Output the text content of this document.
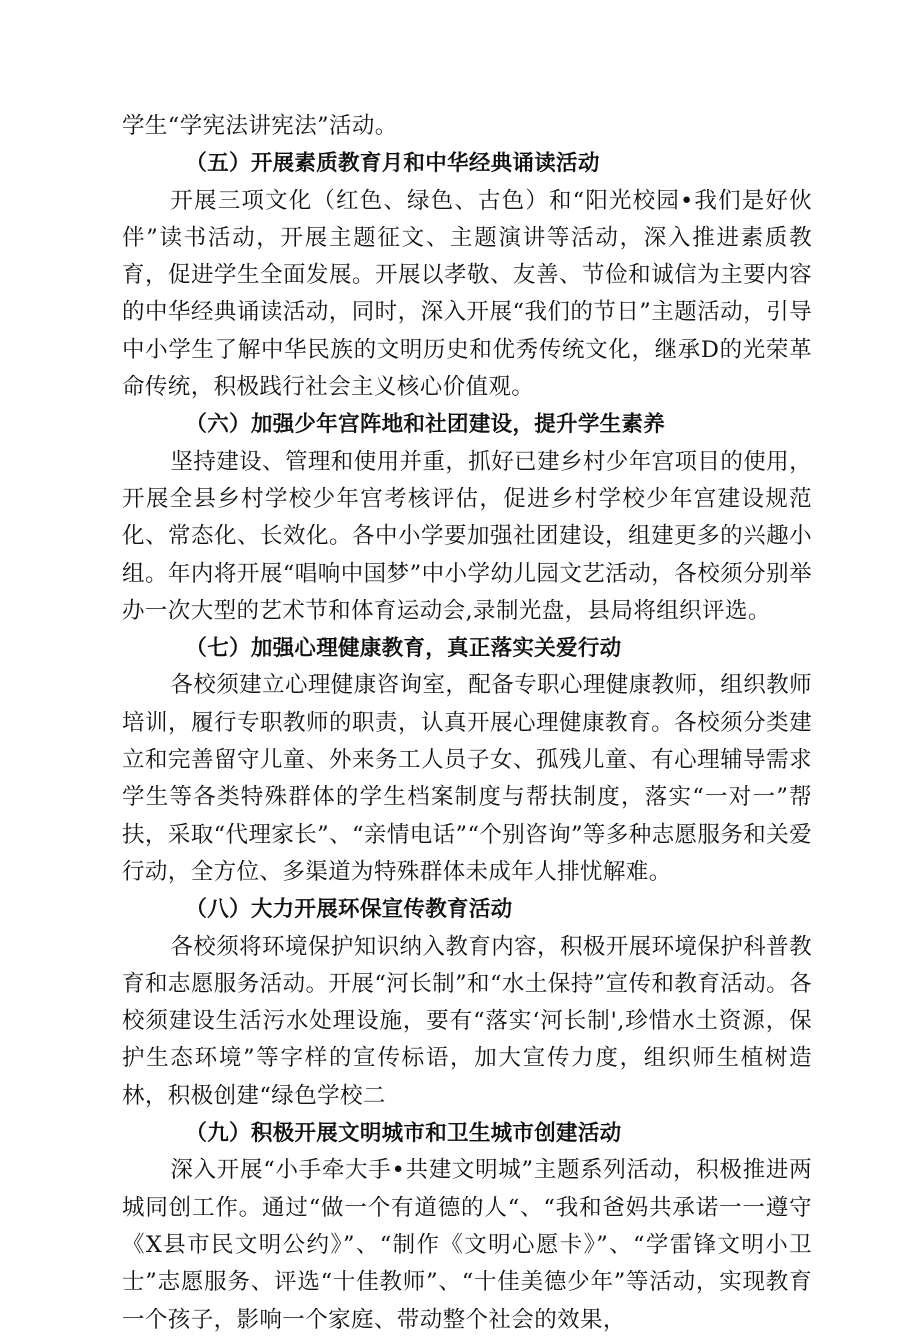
学生“学宪法讲宪法”活动。

（五）开展素质教育月和中华经典诵读活动

开展三项文化（红色、绿色、古色）和“阳光校园•我们是好伙伴”读书活动，开展主题征文、主题演讲等活动，深入推进素质教育，促进学生全面发展。开展以孝敬、友善、节俭和诚信为主要内容的中华经典诵读活动，同时，深入开展“我们的节日”主题活动，引导中小学生了解中华民族的文明历史和优秀传统文化，继承D的光荣革命传统，积极践行社会主义核心价值观。

（六）加强少年宫阵地和社团建设，提升学生素养

坚持建设、管理和使用并重，抓好已建乡村少年宫项目的使用，开展全县乡村学校少年宫考核评估，促进乡村学校少年宫建设规范化、常态化、长效化。各中小学要加强社团建设，组建更多的兴趣小组。年内将开展“唱响中国梦”中小学幼儿园文艺活动，各校须分别举办一次大型的艺术节和体育运动会,录制光盘，县局将组织评选。

（七）加强心理健康教育，真正落实关爱行动

各校须建立心理健康咨询室，配备专职心理健康教师，组织教师培训，履行专职教师的职责，认真开展心理健康教育。各校须分类建立和完善留守儿童、外来务工人员子女、孤残儿童、有心理辅导需求学生等各类特殊群体的学生档案制度与帮扶制度，落实“一对一”帮扶，采取“代理家长”、“亲情电话”“个别咨询”等多种志愿服务和关爱行动，全方位、多渠道为特殊群体未成年人排忧解难。

（八）大力开展环保宣传教育活动

各校须将环境保护知识纳入教育内容，积极开展环境保护科普教育和志愿服务活动。开展“河长制”和“水土保持”宣传和教育活动。各校须建设生活污水处理设施，要有“落实‘河长制',珍惜水土资源，保护生态环境”等字样的宣传标语，加大宣传力度，组织师生植树造林，积极创建“绿色学校二

（九）积极开展文明城市和卫生城市创建活动

深入开展“小手牵大手•共建文明城”主题系列活动，积极推进两城同创工作。通过“做一个有道德的人“、“我和爸妈共承诺一一遵守《X县市民文明公约》”、“制作《文明心愿卡》”、“学雷锋文明小卫士”志愿服务、评选“十佳教师”、“十佳美德少年”等活动，实现教育一个孩子，影响一个家庭、带动整个社会的效果，
